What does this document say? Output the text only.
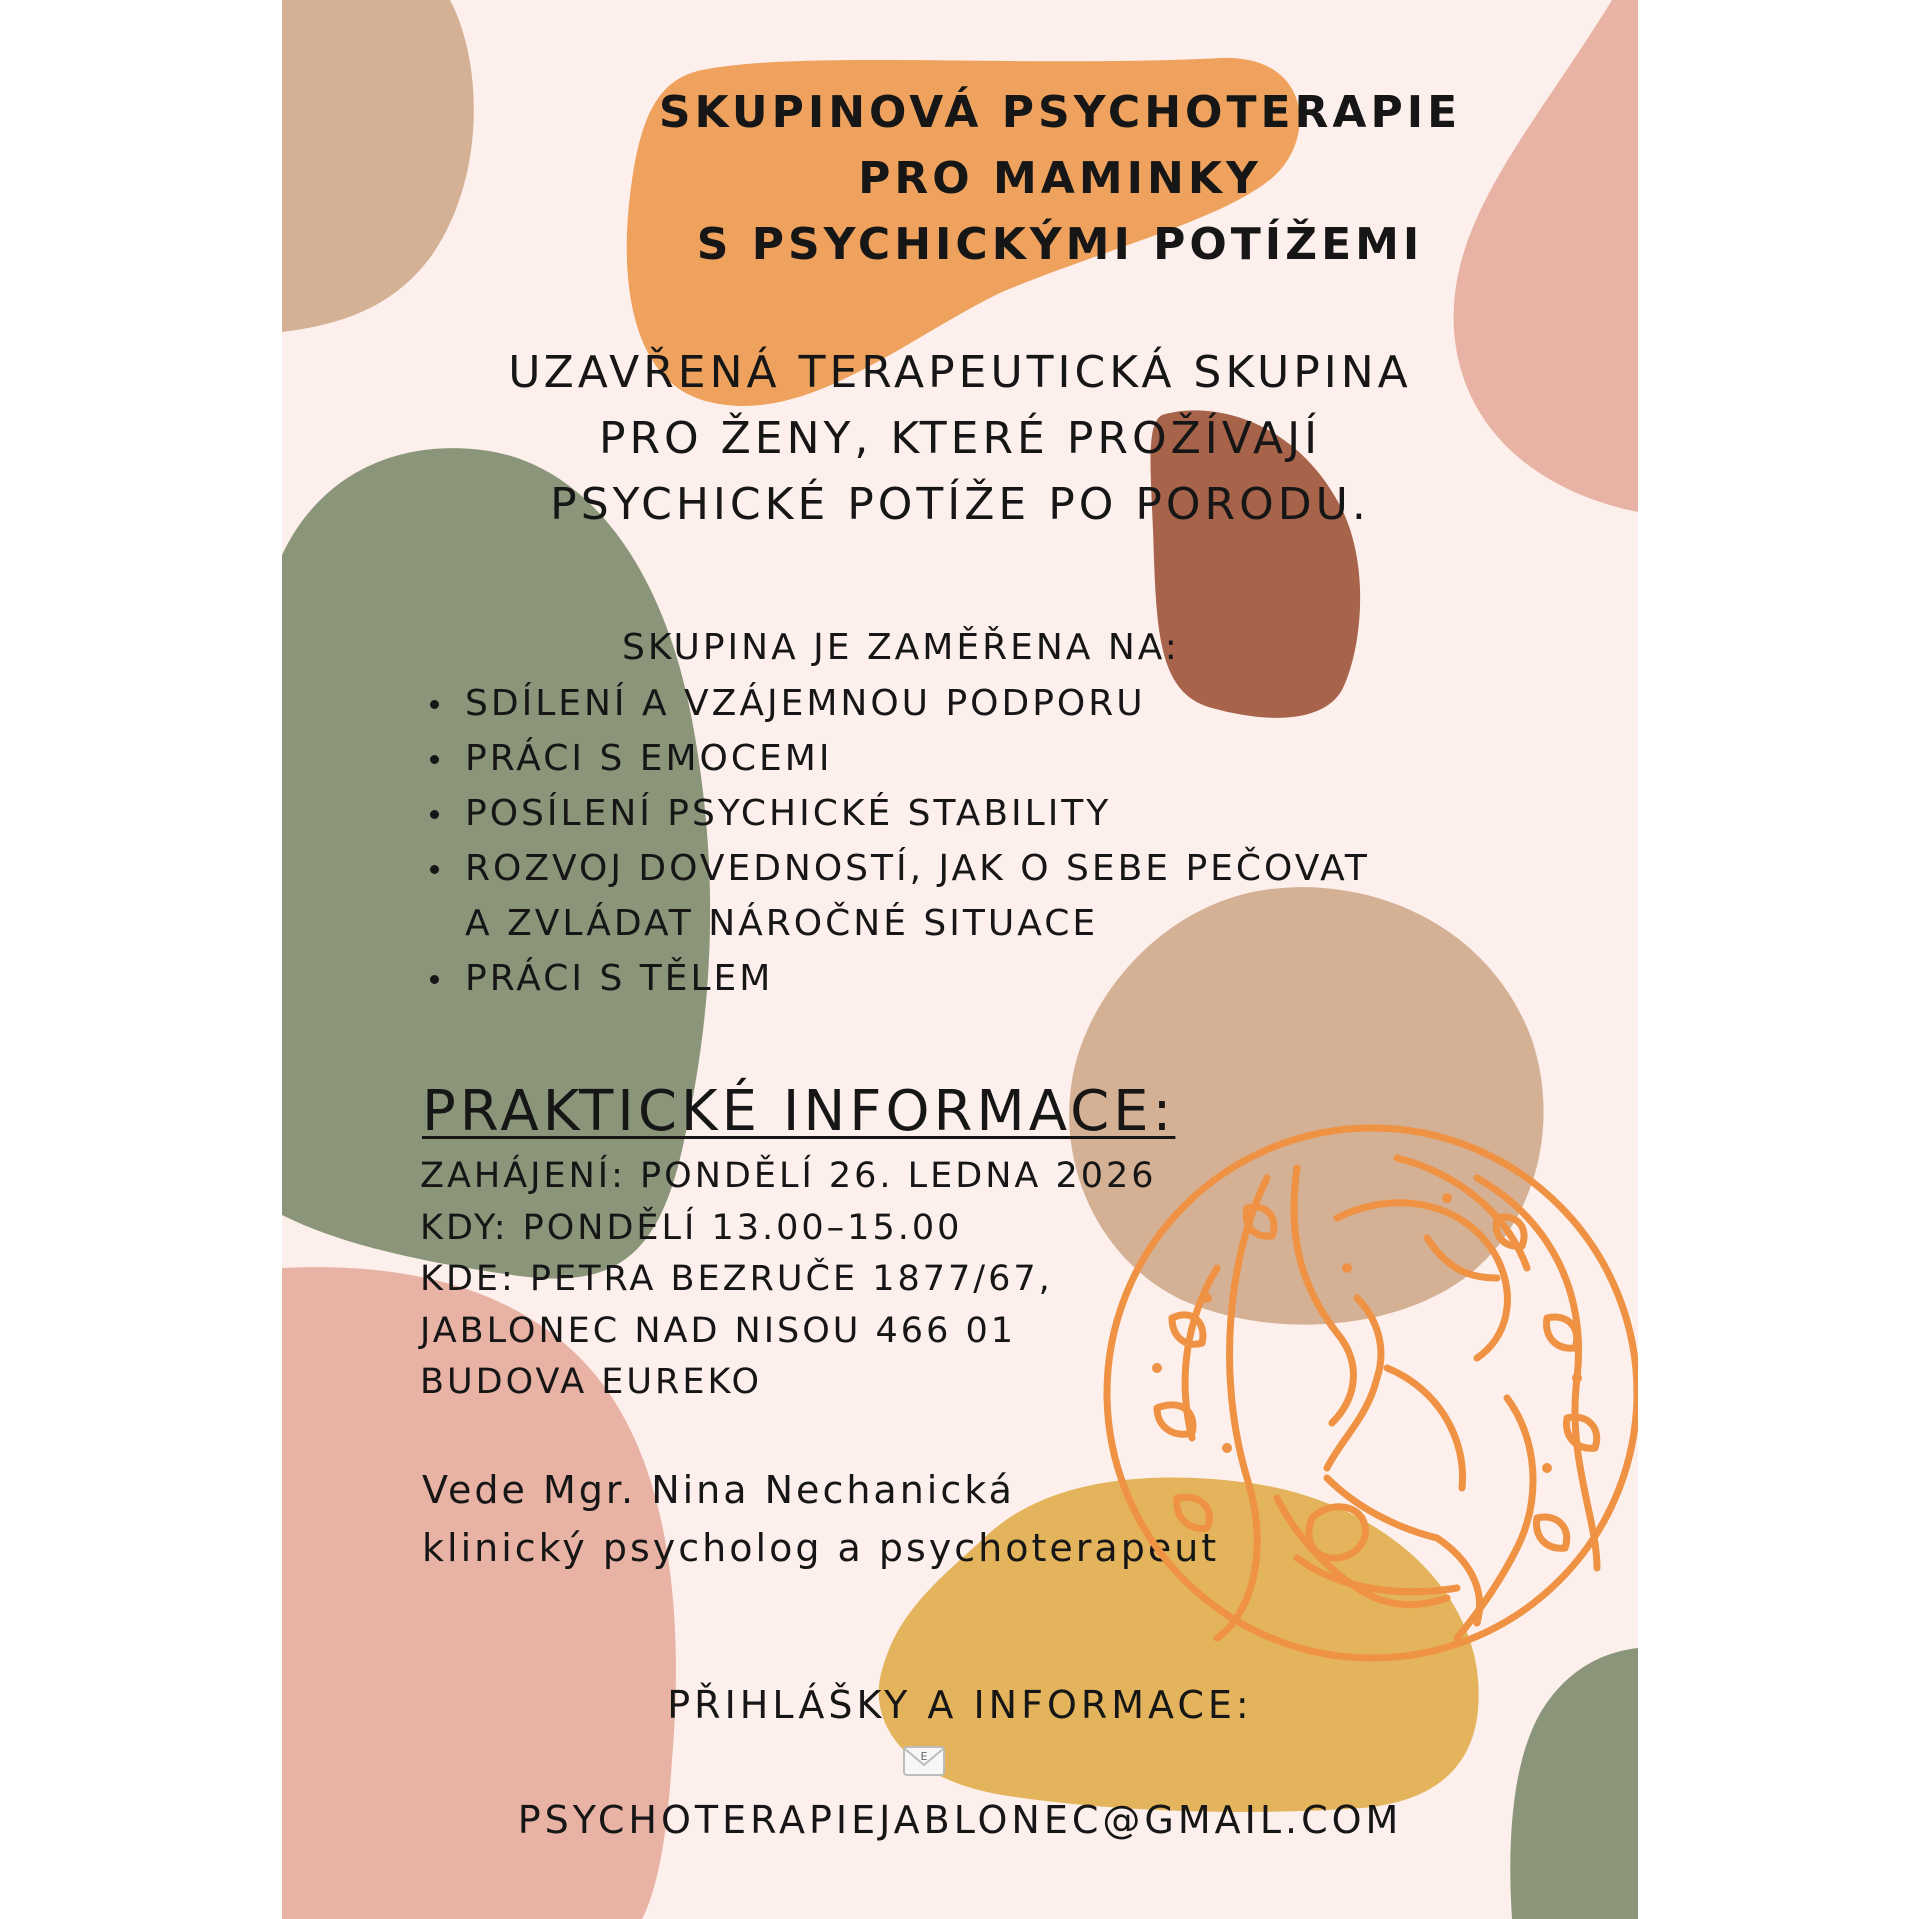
SKUPINOVÁ PSYCHOTERAPIE
PRO MAMINKY
S PSYCHICKÝMI POTÍŽEMI
UZAVŘENÁ TERAPEUTICKÁ SKUPINA
PRO ŽENY, KTERÉ PROŽÍVAJÍ
PSYCHICKÉ POTÍŽE PO PORODU.
SKUPINA JE ZAMĚŘENA NA:
SDÍLENÍ A VZÁJEMNOU PODPORU
PRÁCI S EMOCEMI
POSÍLENÍ PSYCHICKÉ STABILITY
ROZVOJ DOVEDNOSTÍ, JAK O SEBE PEČOVAT
A ZVLÁDAT NÁROČNÉ SITUACE
PRÁCI S TĚLEM
PRAKTICKÉ INFORMACE:
ZAHÁJENÍ: PONDĚLÍ 26. LEDNA 2026
KDY: PONDĚLÍ 13.00–15.00
KDE: PETRA BEZRUČE 1877/67,
JABLONEC NAD NISOU 466 01
BUDOVA EUREKO
Vede Mgr. Nina Nechanická
klinický psycholog a psychoterapeut
PŘIHLÁŠKY A INFORMACE:
E
PSYCHOTERAPIEJABLONEC@GMAIL.COM
